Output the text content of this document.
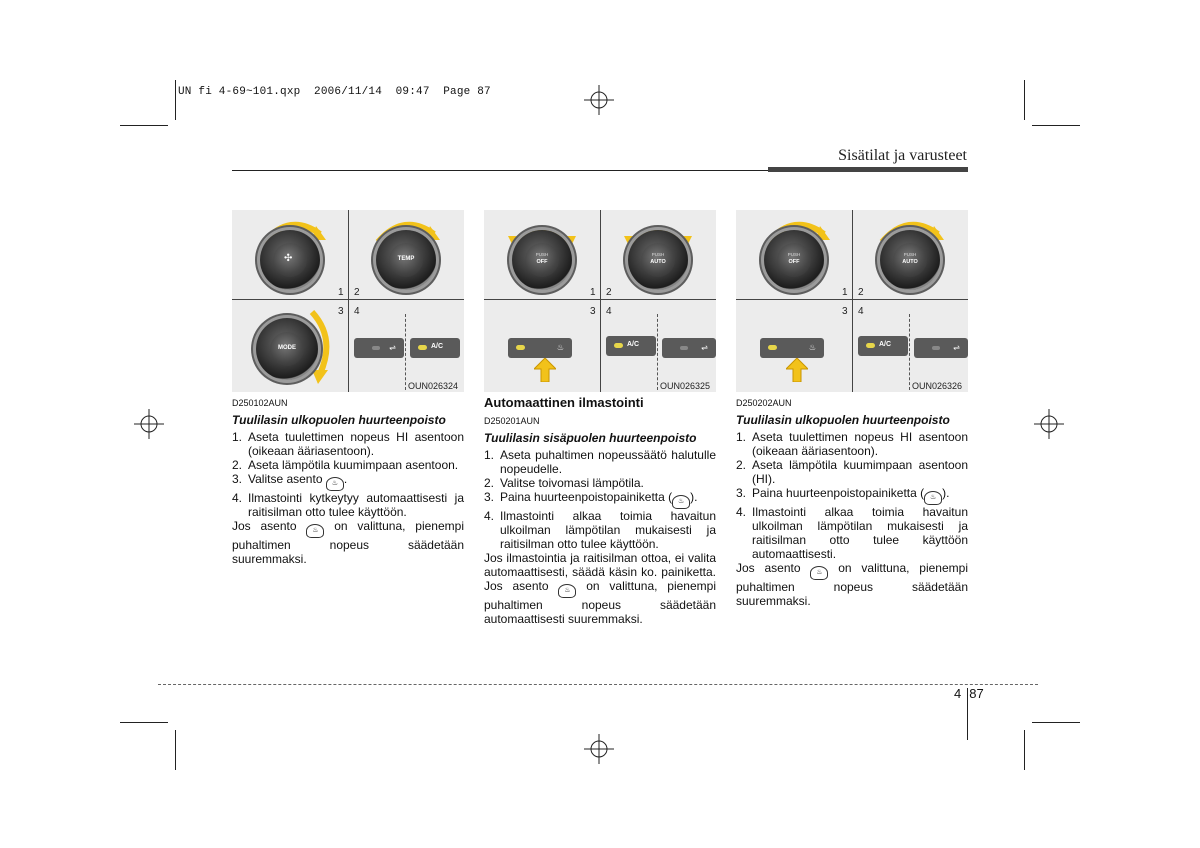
UN fi 4-69~101.qxp  2006/11/14  09:47  Page 87
Sisätilat ja varusteet
✣	TEMP
1 2
3 4
MODE	⇌	A/C
OUN026324
PUSH
OFF
PUSH
AUTO
1 2
3 4
♨	A/C	⇌
OUN026325
PUSH
OFF
PUSH
AUTO
1 2
3 4
♨	A/C	⇌
OUN026326

D250102AUN

Tuulilasin ulkopuolen huurteenpoisto

1. Aseta tuulettimen nopeus HI asentoon (oikeaan ääriasentoon).

2. Aseta lämpötila kuumimpaan asentoon.

3. Valitse asento ♨ .

4. Ilmastointi kytkeytyy automaattisesti ja raitisilman otto tulee käyttöön.

Jos asento ♨ on valittuna, pienempi puhaltimen nopeus säädetään suuremmaksi.

Automaattinen ilmastointi

D250201AUN

Tuulilasin sisäpuolen huurteenpoisto

1. Aseta puhaltimen nopeussäätö halutulle nopeudelle.

2. Valitse toivomasi lämpötila.

3. Paina huurteenpoistopainiketta ( ♨ ).

4. Ilmastointi alkaa toimia havaitun ulkoilman lämpötilan mukaisesti ja raitisilman otto tulee käyttöön.

Jos ilmastointia ja raitisilman ottoa, ei valita automaattisesti, säädä käsin ko. painiketta. Jos asento ♨ on valittuna, pienempi puhaltimen nopeus säädetään automaattisesti suuremmaksi.

D250202AUN

Tuulilasin ulkopuolen huurteenpoisto

1. Aseta tuulettimen nopeus HI asentoon (oikeaan ääriasentoon).

2. Aseta lämpötila kuumimpaan asentoon (HI).

3. Paina huurteenpoistopainiketta ( ♨ ).

4. Ilmastointi alkaa toimia havaitun ulkoilman lämpötilan mukaisesti ja raitisilman otto tulee käyttöön automaattisesti.

Jos asento ♨ on valittuna, pienempi puhaltimen nopeus säädetään suuremmaksi.

4 87
